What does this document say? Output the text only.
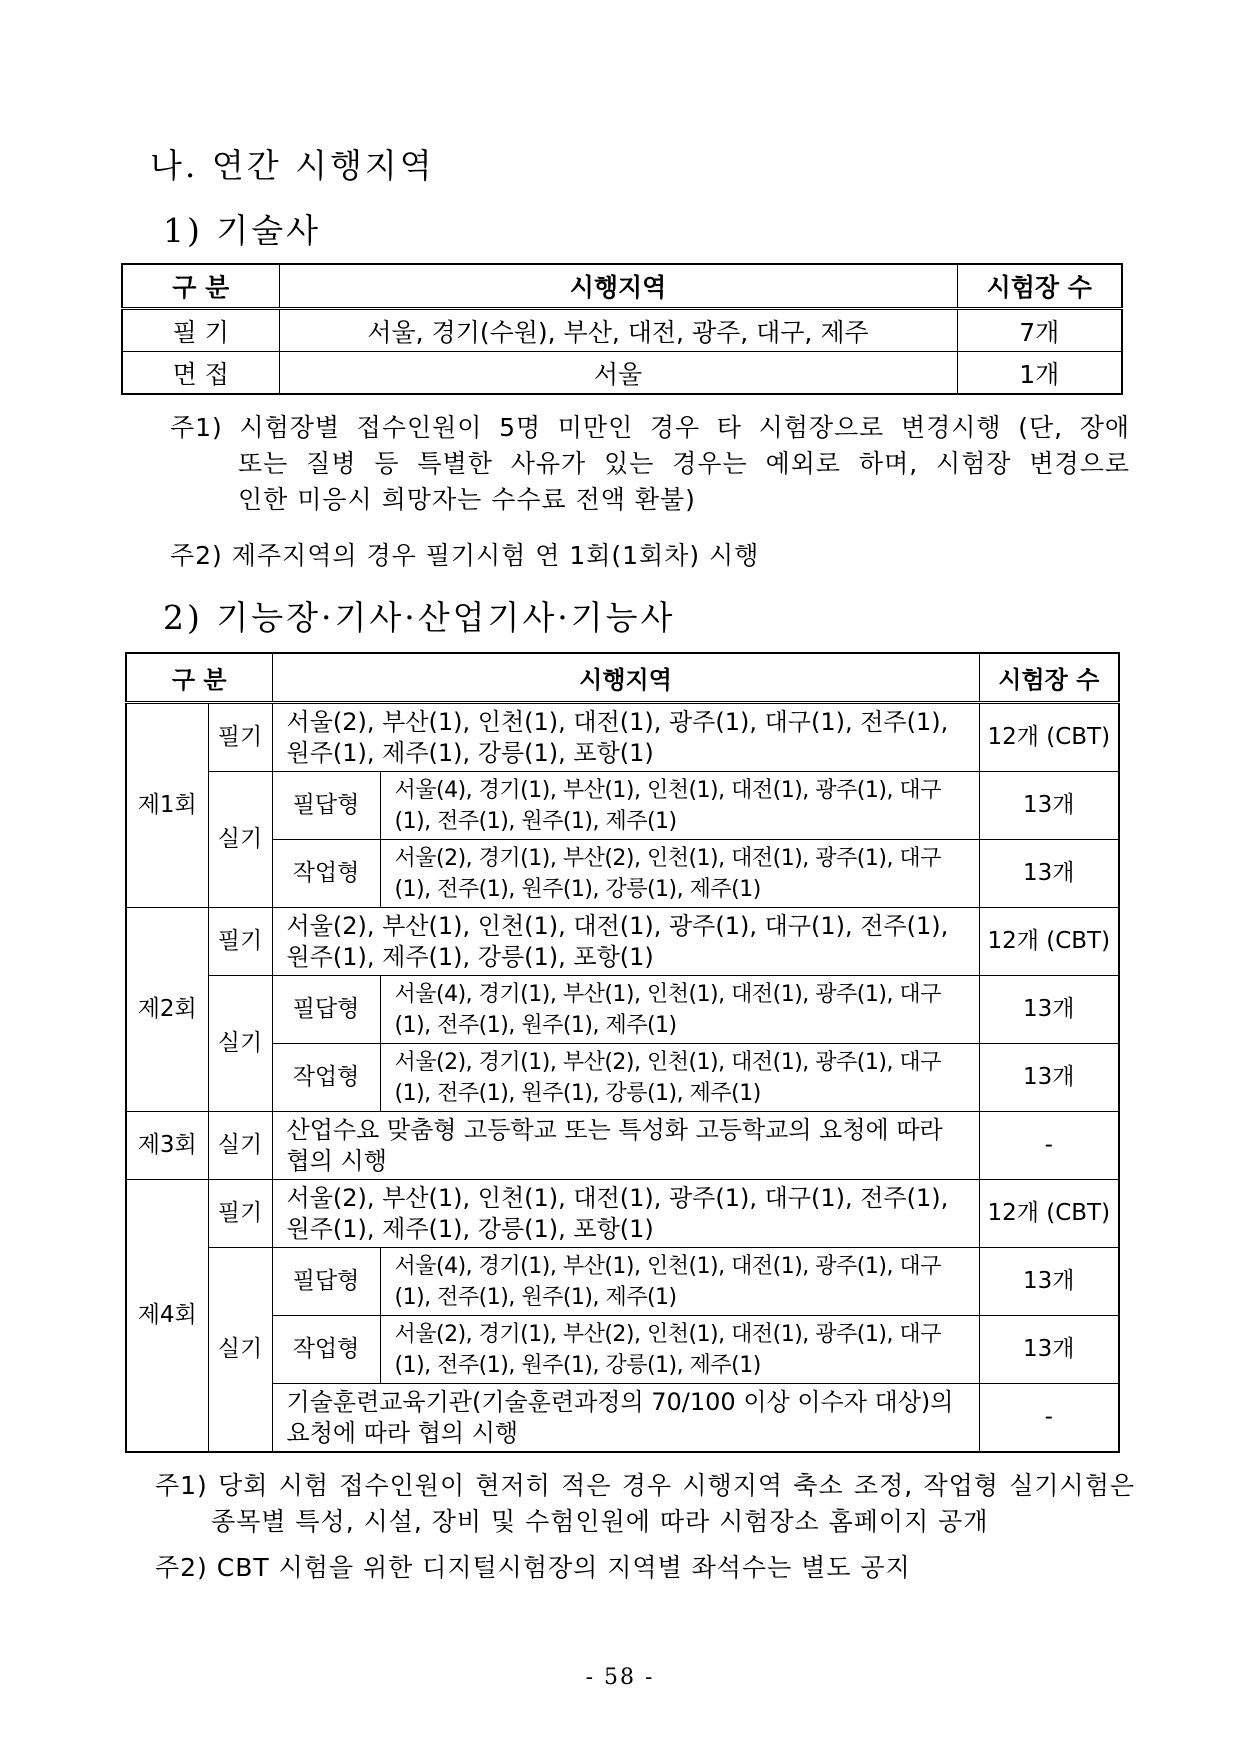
나. 연간 시행지역
1) 기술사
구 분	시행지역	시험장 수
필 기	서울, 경기(수원), 부산, 대전, 광주, 대구, 제주	7개
면 접	서울	1개
주1) 시험장별 접수인원이 5명 미만인 경우 타 시험장으로 변경시행 (단, 장애
또는 질병 등 특별한 사유가 있는 경우는 예외로 하며, 시험장 변경으로
인한 미응시 희망자는 수수료 전액 환불)
주2) 제주지역의 경우 필기시험 연 1회(1회차) 시행
2) 기능장·기사·산업기사·기능사
구 분		시행지역		시험장 수
제1회	필기	서울(2), 부산(1), 인천(1), 대전(1), 광주(1), 대구(1), 전주(1), 원주(1), 제주(1), 강릉(1), 포항(1)		12개 (CBT)
	실기	필답형	서울(4), 경기(1), 부산(1), 인천(1), 대전(1), 광주(1), 대구(1), 전주(1), 원주(1), 제주(1)	13개
		작업형	서울(2), 경기(1), 부산(2), 인천(1), 대전(1), 광주(1), 대구(1), 전주(1), 원주(1), 강릉(1), 제주(1)	13개
제2회	필기	서울(2), 부산(1), 인천(1), 대전(1), 광주(1), 대구(1), 전주(1), 원주(1), 제주(1), 강릉(1), 포항(1)		12개 (CBT)
	실기	필답형	서울(4), 경기(1), 부산(1), 인천(1), 대전(1), 광주(1), 대구(1), 전주(1), 원주(1), 제주(1)	13개
		작업형	서울(2), 경기(1), 부산(2), 인천(1), 대전(1), 광주(1), 대구(1), 전주(1), 원주(1), 강릉(1), 제주(1)	13개
제3회	실기	산업수요 맞춤형 고등학교 또는 특성화 고등학교의 요청에 따라 협의 시행		-
제4회	필기	서울(2), 부산(1), 인천(1), 대전(1), 광주(1), 대구(1), 전주(1), 원주(1), 제주(1), 강릉(1), 포항(1)		12개 (CBT)
	실기	필답형	서울(4), 경기(1), 부산(1), 인천(1), 대전(1), 광주(1), 대구(1), 전주(1), 원주(1), 제주(1)	13개
		작업형	서울(2), 경기(1), 부산(2), 인천(1), 대전(1), 광주(1), 대구(1), 전주(1), 원주(1), 강릉(1), 제주(1)	13개
		기술훈련교육기관(기술훈련과정의 70/100 이상 이수자 대상)의 요청에 따라 협의 시행		-
주1) 당회 시험 접수인원이 현저히 적은 경우 시행지역 축소 조정, 작업형 실기시험은
종목별 특성, 시설, 장비 및 수험인원에 따라 시험장소 홈페이지 공개
주2) CBT 시험을 위한 디지털시험장의 지역별 좌석수는 별도 공지
- 58 -
